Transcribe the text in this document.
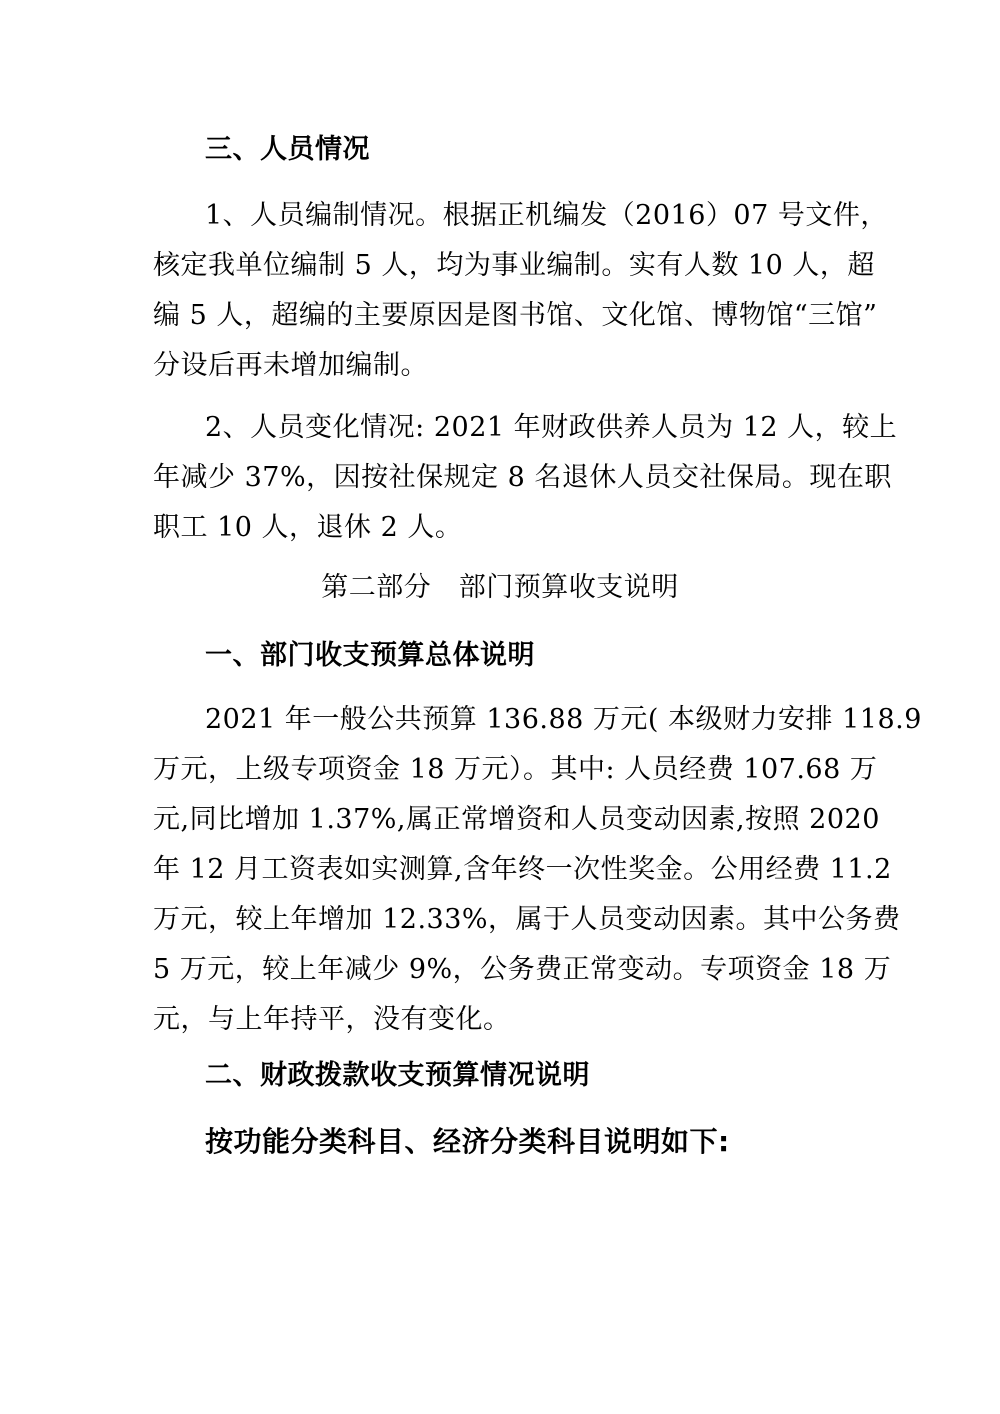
三、人员情况
1、人员编制情况。根据正机编发（2016）07 号文件，
核定我单位编制 5 人，均为事业编制。实有人数 10 人，超
编 5 人，超编的主要原因是图书馆、文化馆、博物馆“三馆”
分设后再未增加编制。
2、人员变化情况: 2021 年财政供养人员为 12 人，较上
年减少 37%，因按社保规定 8 名退休人员交社保局。现在职
职工 10 人，退休 2 人。
第二部分　部门预算收支说明
一、部门收支预算总体说明
2021 年一般公共预算 136.88 万元( 本级财力安排 118.9
万元，上级专项资金 18 万元）。其中: 人员经费 107.68 万
元,同比增加 1.37%,属正常增资和人员变动因素,按照 2020
年 12 月工资表如实测算,含年终一次性奖金。公用经费 11.2
万元，较上年增加 12.33%，属于人员变动因素。其中公务费
5 万元，较上年减少 9%，公务费正常变动。专项资金 18 万
元，与上年持平，没有变化。
二、财政拨款收支预算情况说明
按功能分类科目、经济分类科目说明如下:
